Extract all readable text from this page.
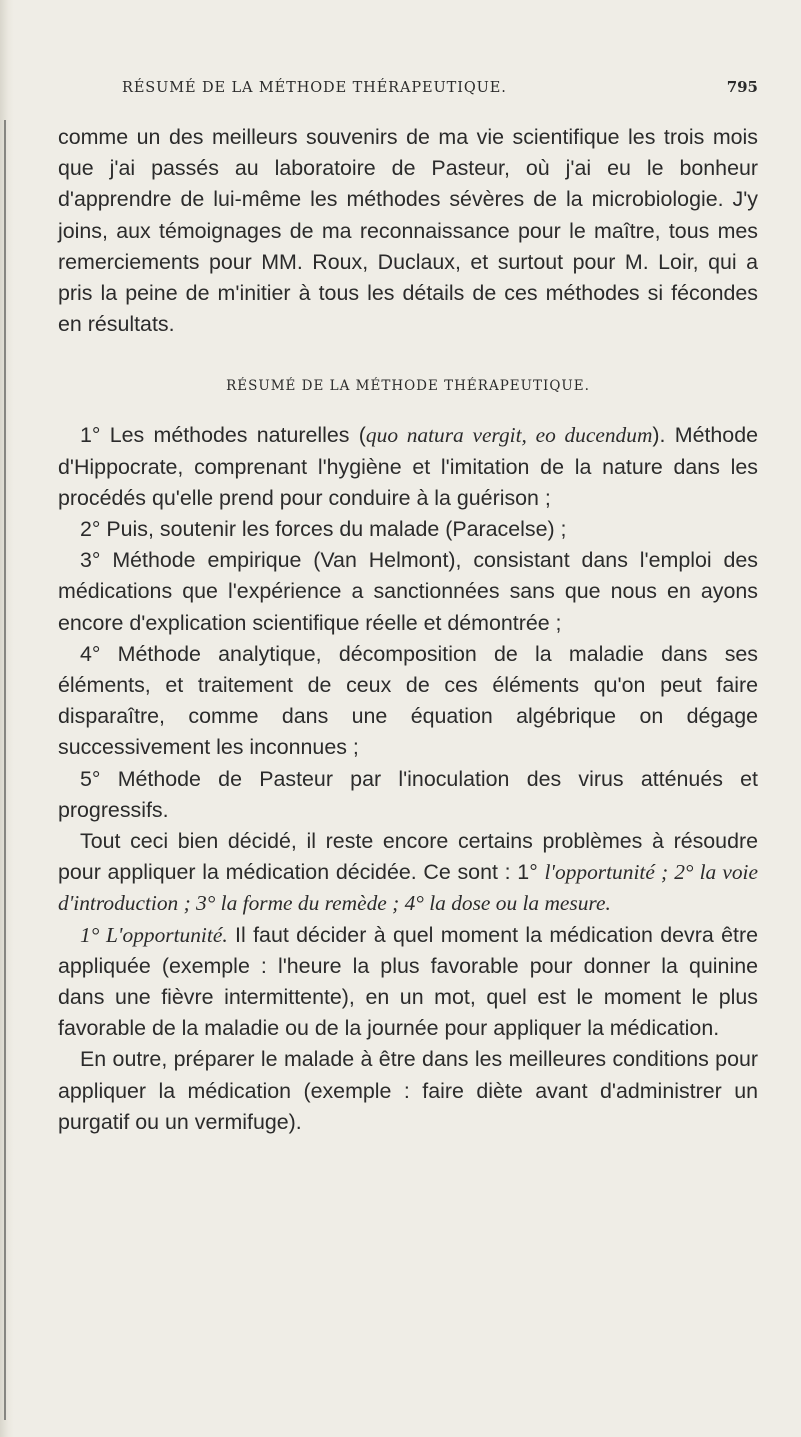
RÉSUMÉ DE LA MÉTHODE THÉRAPEUTIQUE.	795

comme un des meilleurs souvenirs de ma vie scientifique les trois mois que j'ai passés au laboratoire de Pasteur, où j'ai eu le bonheur d'apprendre de lui-même les méthodes sévères de la microbiologie. J'y joins, aux témoignages de ma reconnaissance pour le maître, tous mes remerciements pour MM. Roux, Duclaux, et surtout pour M. Loir, qui a pris la peine de m'initier à tous les détails de ces méthodes si fécondes en résultats.

RÉSUMÉ DE LA MÉTHODE THÉRAPEUTIQUE.

1° Les méthodes naturelles (quo natura vergit, eo ducendum). Méthode d'Hippocrate, comprenant l'hygiène et l'imitation de la nature dans les procédés qu'elle prend pour conduire à la guérison ;

2° Puis, soutenir les forces du malade (Paracelse) ;

3° Méthode empirique (Van Helmont), consistant dans l'emploi des médications que l'expérience a sanctionnées sans que nous en ayons encore d'explication scientifique réelle et démontrée ;

4° Méthode analytique, décomposition de la maladie dans ses éléments, et traitement de ceux de ces éléments qu'on peut faire disparaître, comme dans une équation algébrique on dégage successivement les inconnues ;

5° Méthode de Pasteur par l'inoculation des virus atténués et progressifs.

Tout ceci bien décidé, il reste encore certains problèmes à résoudre pour appliquer la médication décidée. Ce sont : 1° l'opportunité ; 2° la voie d'introduction ; 3° la forme du remède ; 4° la dose ou la mesure.

1° L'opportunité. Il faut décider à quel moment la médication devra être appliquée (exemple : l'heure la plus favorable pour donner la quinine dans une fièvre intermittente), en un mot, quel est le moment le plus favorable de la maladie ou de la journée pour appliquer la médication.

En outre, préparer le malade à être dans les meilleures conditions pour appliquer la médication (exemple : faire diète avant d'administrer un purgatif ou un vermifuge).
